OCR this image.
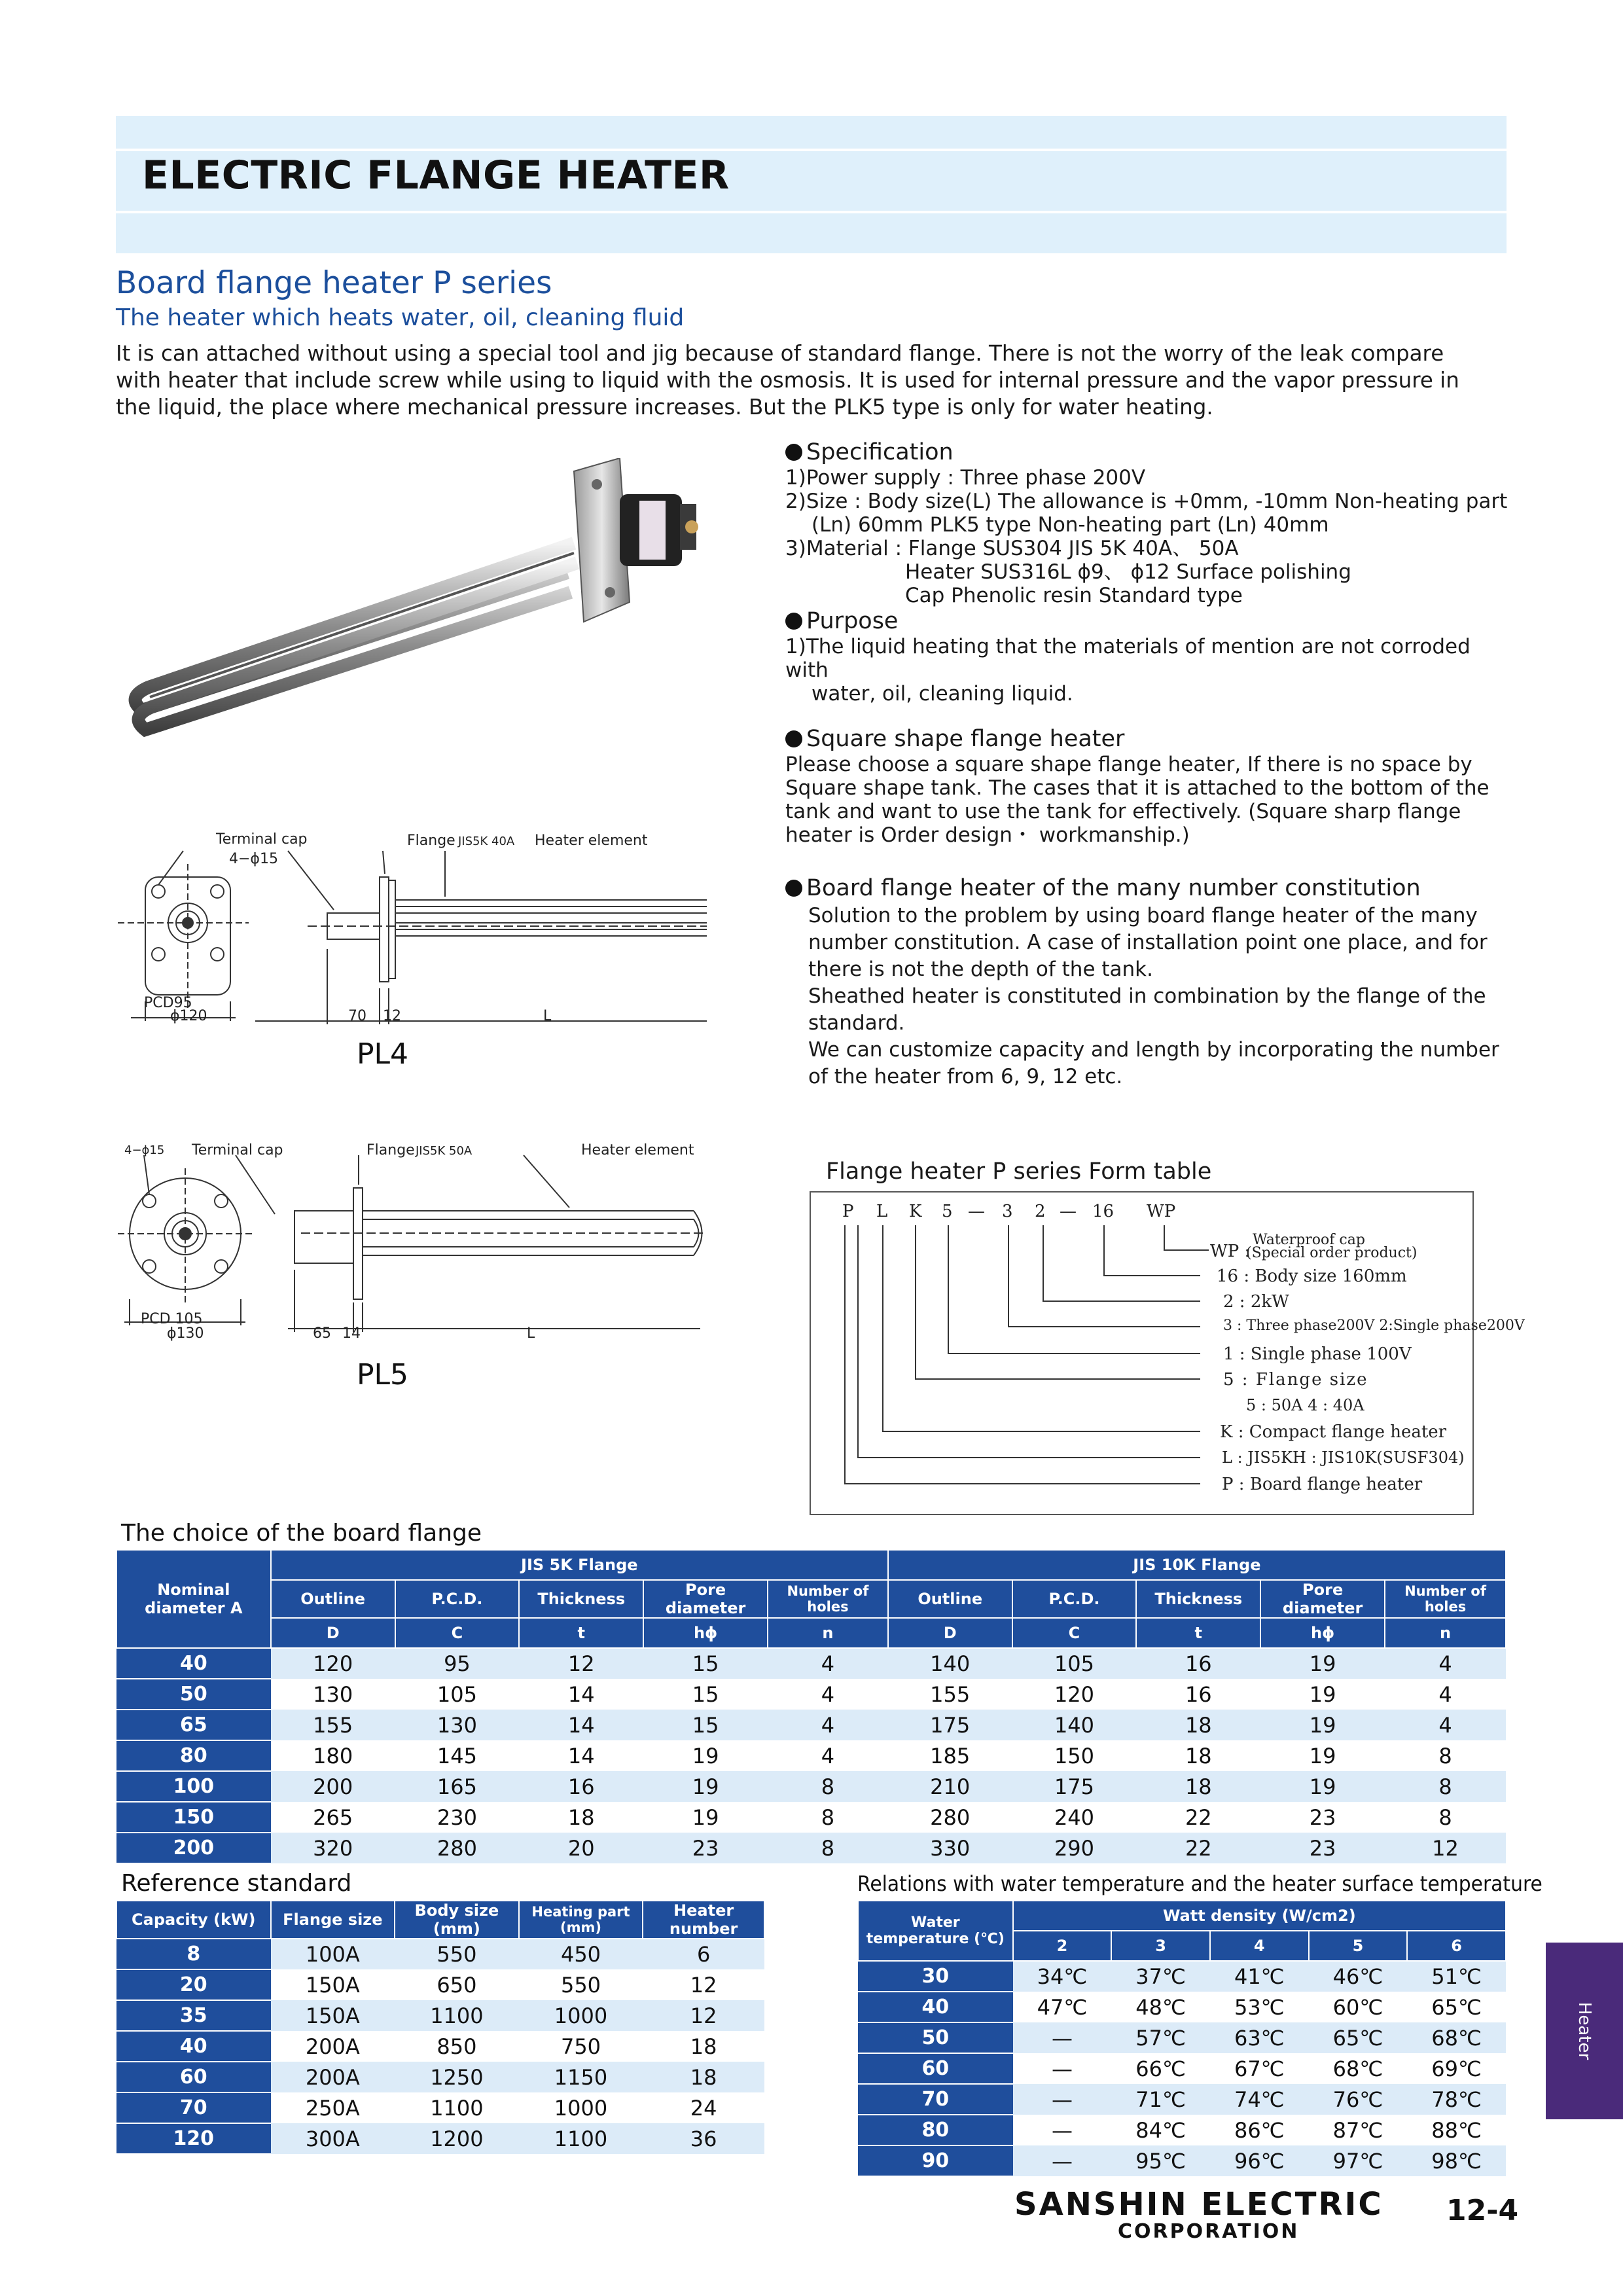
ELECTRIC FLANGE HEATER
Board flange heater P series
The heater which heats water, oil, cleaning fluid
It is can attached without using a special tool and jig because of standard flange. There is not the worry of the leak compare
with heater that include screw while using to liquid with the osmosis. It is used for internal pressure and the vapor pressure in
the liquid, the place where mechanical pressure increases. But the PLK5 type is only for water heating.
Specification
1)Power supply : Three phase 200V
2)Size : Body size(L) The allowance is +0mm, -10mm Non-heating part
(Ln) 60mm PLK5 type Non-heating part (Ln) 40mm
3)Material : Flange SUS304 JIS 5K 40A、 50A
Heater SUS316L ϕ9、 ϕ12 Surface polishing
Cap Phenolic resin Standard type
Purpose
1)The liquid heating that the materials of mention are not corroded with
water, oil, cleaning liquid.
Square shape flange heater
Please choose a square shape flange heater, If there is no space by
Square shape tank. The cases that it is attached to the bottom of the
tank and want to use the tank for effectively. (Square sharp flange
heater is Order design・ workmanship.)
Board flange heater of the many number constitution
Solution to the problem by using board flange heater of the many
number constitution. A case of installation point one place, and for
there is not the depth of the tank.
Sheathed heater is constituted in combination by the flange of the
standard.
We can customize capacity and length by incorporating the number
of the heater from 6, 9, 12 etc.
Terminal cap
4−ϕ15
Flange JIS5K 40A Heater element
PCD95
ϕ120	70 12	L
PL4
4−ϕ15 Terminal cap	Flange JIS5K 50A	Heater element
PCD 105
ϕ130	65 14	L
PL5
Flange heater P series Form table
P L K 5 — 3 2 — 16 WP
WP :
Waterproof cap
(Special order product)
16 : Body size 160mm
2 : 2kW
3 : Three phase200V 2:Single phase200V
1 : Single phase 100V
5 : Flange size
5 : 50A 4 : 40A
K : Compact flange heater
L : JIS5KH : JIS10K(SUSF304)
P : Board flange heater
The choice of the board flange
Nominal diameter A	JIS 5K Flange					JIS 10K Flange				
	Outline	P.C.D.	Thickness	Pore diameter	Number of holes	Outline	P.C.D.	Thickness	Pore diameter	Number of holes
	D	C	t	hϕ	n	D	C	t	hϕ	n
40	120	95	12	15	4	140	105	16	19	4
50	130	105	14	15	4	155	120	16	19	4
65	155	130	14	15	4	175	140	18	19	4
80	180	145	14	19	4	185	150	18	19	8
100	200	165	16	19	8	210	175	18	19	8
150	265	230	18	19	8	280	240	22	23	8
200	320	280	20	23	8	330	290	22	23	12
Reference standard
Capacity (kW)	Flange size	Body size (mm)	Heating part (mm)	Heater number
8	100A	550	450	6
20	150A	650	550	12
35	150A	1100	1000	12
40	200A	850	750	18
60	200A	1250	1150	18
70	250A	1100	1000	24
120	300A	1200	1100	36
Relations with water temperature and the heater surface temperature
Water temperature (℃)	Watt density (W/cm2)				
	2	3	4	5	6
30	34℃	37℃	41℃	46℃	51℃
40	47℃	48℃	53℃	60℃	65℃
50	—	57℃	63℃	65℃	68℃
60	—	66℃	67℃	68℃	69℃
70	—	71℃	74℃	76℃	78℃
80	—	84℃	86℃	87℃	88℃
90	—	95℃	96℃	97℃	98℃
Heater
SANSHIN ELECTRIC
CORPORATION
12-4
